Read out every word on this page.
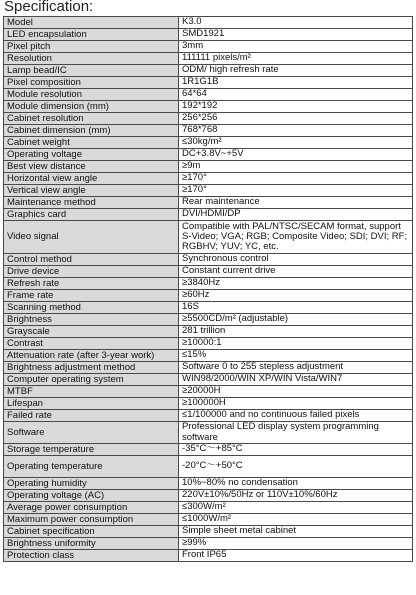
Specification:
Model	K3.0
LED encapsulation	SMD1921
Pixel pitch	3mm
Resolution	111111 pixels/m²
Lamp bead/IC	ODM/ high refresh rate
Pixel composition	1R1G1B
Module resolution	64*64
Module dimension (mm)	192*192
Cabinet resolution	256*256
Cabinet dimension (mm)	768*768
Cabinet weight	≤30kg/m²
Operating voltage	DC+3.8V~+5V
Best view distance	≥9m
Horizontal view angle	≥170°
Vertical view angle	≥170°
Maintenance method	Rear maintenance
Graphics card	DVI/HDMI/DP
Video signal	Compatible with PAL/NTSC/SECAM format, support S-Video; VGA; RGB; Composite Video; SDI; DVI; RF; RGBHV; YUV; YC, etc.
Control method	Synchronous control
Drive device	Constant current drive
Refresh rate	≥3840Hz
Frame rate	≥60Hz
Scanning method	16S
Brightness	≥5500CD/m² (adjustable)
Grayscale	281 trillion
Contrast	≥10000:1
Attenuation rate (after 3-year work)	≤15%
Brightness adjustment method	Software 0 to 255 stepless adjustment
Computer operating system	WIN98/2000/WIN XP/WIN Vista/WIN7
MTBF	≥20000H
Lifespan	≥100000H
Failed rate	≤1/100000 and no continuous failed pixels
Software	Professional LED display system programming software
Storage temperature	-35°C～+85°C
Operating temperature	-20°C～+50°C
Operating humidity	10%~80% no condensation
Operating voltage (AC)	220V±10%/50Hz or 110V±10%/60Hz
Average power consumption	≤300W/m²
Maximum power consumption	≤1000W/m²
Cabinet specification	Simple sheet metal cabinet
Brightness uniformity	≥99%
Protection class	Front IP65
